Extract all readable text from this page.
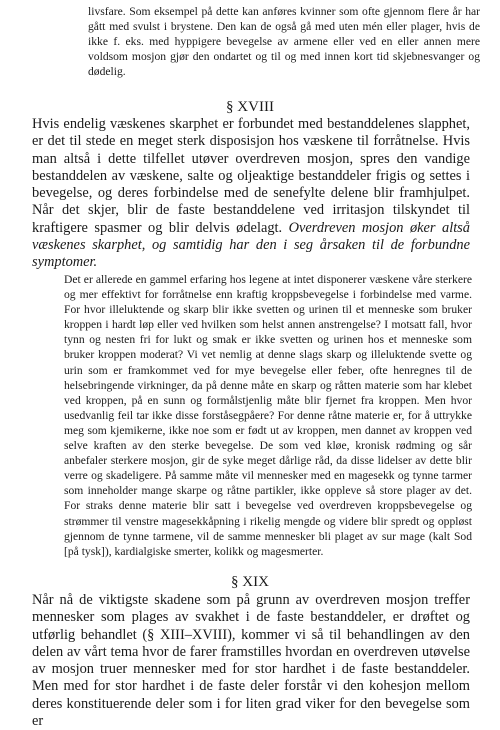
livsfare. Som eksempel på dette kan anføres kvinner som ofte gjennom flere år har gått med svulst i brystene. Den kan de også gå med uten mén eller plager, hvis de ikke f. eks. med hyppigere bevegelse av armene eller ved en eller annen mere voldsom mosjon gjør den ondartet og til og med innen kort tid skjebnesvanger og dødelig.

§ XVIII

Hvis endelig væskenes skarphet er forbundet med bestanddelenes slapphet, er det til stede en meget sterk disposisjon hos væskene til forråtnelse. Hvis man altså i dette tilfellet utøver overdreven mosjon, spres den vandige bestanddelen av væskene, salte og oljeaktige bestanddeler frigis og settes i bevegelse, og deres forbindelse med de senefylte delene blir framhjulpet. Når det skjer, blir de faste bestanddelene ved irritasjon tilskyndet til kraftigere spasmer og blir delvis ødelagt. Overdreven mosjon øker altså væskenes skarphet, og samtidig har den i seg årsaken til de forbundne symptomer.

Det er allerede en gammel erfaring hos legene at intet disponerer væskene våre sterkere og mer effektivt for forråtnelse enn kraftig kroppsbevegelse i forbindelse med varme. For hvor illeluktende og skarp blir ikke svetten og urinen til et menneske som bruker kroppen i hardt løp eller ved hvilken som helst annen anstrengelse? I motsatt fall, hvor tynn og nesten fri for lukt og smak er ikke svetten og urinen hos et menneske som bruker kroppen moderat? Vi vet nemlig at denne slags skarp og illeluktende svette og urin som er framkommet ved for mye bevegelse eller feber, ofte henregnes til de helsebringende virkninger, da på denne måte en skarp og råtten materie som har klebet ved kroppen, på en sunn og formålstjenlig måte blir fjernet fra kroppen. Men hvor usedvanlig feil tar ikke disse forståsegpåere? For denne råtne materie er, for å uttrykke meg som kjemikerne, ikke noe som er født ut av kroppen, men dannet av kroppen ved selve kraften av den sterke bevegelse. De som ved kløe, kronisk rødming og sår anbefaler sterkere mosjon, gir de syke meget dårlige råd, da disse lidelser av dette blir verre og skadeligere. På samme måte vil mennesker med en magesekk og tynne tarmer som inneholder mange skarpe og råtne partikler, ikke oppleve så store plager av det. For straks denne materie blir satt i bevegelse ved overdreven kroppsbevegelse og strømmer til venstre magesekkåpning i rikelig mengde og videre blir spredt og oppløst gjennom de tynne tarmene, vil de samme mennesker bli plaget av sur mage (kalt Sod [på tysk]), kardialgiske smerter, kolikk og magesmerter.

§ XIX

Når nå de viktigste skadene som på grunn av overdreven mosjon treffer mennesker som plages av svakhet i de faste bestanddeler, er drøftet og utførlig behandlet (§ XIII–XVIII), kommer vi så til behandlingen av den delen av vårt tema hvor de farer framstilles hvordan en overdreven utøvelse av mosjon truer mennesker med for stor hardhet i de faste bestanddeler. Men med for stor hardhet i de faste deler forstår vi den kohesjon mellom deres konstituerende deler som i for liten grad viker for den bevegelse som er
